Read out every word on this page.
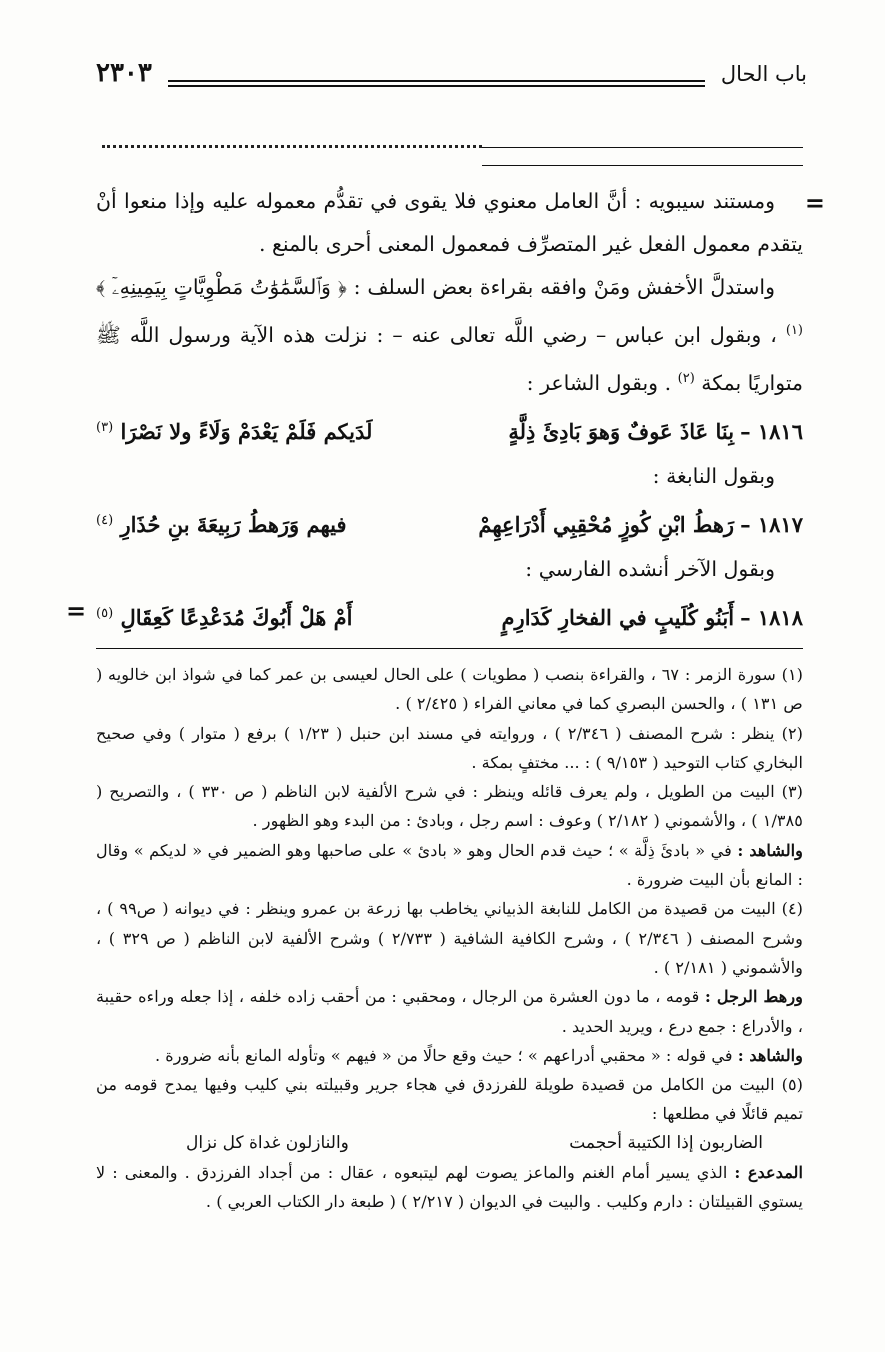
باب الحال
٢٣٠٣
=
=

ومستند سيبويه : أنَّ العامل معنوي فلا يقوى في تقدُّم معموله عليه وإذا منعوا أنْ يتقدم معمول الفعل غير المتصرِّف فمعمول المعنى أحرى بالمنع .

واستدلَّ الأخفش ومَنْ وافقه بقراءة بعض السلف : ﴿ وَٱلسَّمَٰوَٰتُ مَطْوِيَّاتٍ بِيَمِينِهِۦٓ ﴾ $^{(١)}$ ، وبقول ابن عباس – رضي اللَّه تعالى عنه – : نزلت هذه الآية ورسول اللَّه ﷺ متواريًا بمكة $^{(٢)}$ . وبقول الشاعر :

١٨١٦ –بِنَا عَاذَ عَوفٌ وَهوَ بَادِئَ ذِلَّةٍ
لَدَيكم فَلَمْ يَعْدَمْ وَلَاءً ولا نَصْرَا $^{(٣)}$

وبقول النابغة :

١٨١٧ –رَهطُ ابْنِ كُوزٍ مُحْقِبِي أَدْرَاعِهِمْ
فيهم وَرَهطُ رَبِيعَةَ بنِ حُذَارِ $^{(٤)}$

وبقول الآخر أنشده الفارسي :

١٨١٨ –أَبَنُو كُلَيبٍ في الفخارِ كَدَارِمٍ
أَمْ هَلْ أَبُوكَ مُدَعْدِعًا كَعِقَالِ $^{(٥)}$

(١) سورة الزمر : ٦٧ ، والقراءة بنصب ( مطويات ) على الحال لعيسى بن عمر كما في شواذ ابن خالويه ( ص ١٣١ ) ، والحسن البصري كما في معاني الفراء ( ٢/٤٢٥ ) .

(٢) ينظر : شرح المصنف ( ٢/٣٤٦ ) ، وروايته في مسند ابن حنبل ( ١/٢٣ ) برفع ( متوار ) وفي صحيح البخاري كتاب التوحيد ( ٩/١٥٣ ) : ... مختفٍ بمكة .

(٣) البيت من الطويل ، ولم يعرف قائله وينظر : في شرح الألفية لابن الناظم ( ص ٣٣٠ ) ، والتصريح ( ١/٣٨٥ ) ، والأشموني ( ٢/١٨٢ ) وعوف : اسم رجل ، وبادئ : من البدء وهو الظهور .

والشاهد : في « بادئَ ذِلَّة » ؛ حيث قدم الحال وهو « بادئ » على صاحبها وهو الضمير في « لديكم » وقال : المانع بأن البيت ضرورة .

(٤) البيت من قصيدة من الكامل للنابغة الذبياني يخاطب بها زرعة بن عمرو وينظر : في ديوانه ( ص٩٩ ) ، وشرح المصنف ( ٢/٣٤٦ ) ، وشرح الكافية الشافية ( ٢/٧٣٣ ) وشرح الألفية لابن الناظم ( ص ٣٢٩ ) ، والأشموني ( ٢/١٨١ ) .

ورهط الرجل : قومه ، ما دون العشرة من الرجال ، ومحقبي : من أحقب زاده خلفه ، إذا جعله وراءه حقيبة ، والأدراع : جمع درع ، ويريد الحديد .

والشاهد : في قوله : « محقبي أدراعهم » ؛ حيث وقع حالًا من « فيهم » وتأوله المانع بأنه ضرورة .

(٥) البيت من الكامل من قصيدة طويلة للفرزدق في هجاء جرير وقبيلته بني كليب وفيها يمدح قومه من تميم قائلًا في مطلعها :

الضاربون إذا الكتيبة أحجمت
والنازلون غداة كل نزال

المدعدع : الذي يسير أمام الغنم والماعز يصوت لهم ليتبعوه ، عقال : من أجداد الفرزدق . والمعنى : لا يستوي القبيلتان : دارم وكليب . والبيت في الديوان ( ٢/٢١٧ ) ( طبعة دار الكتاب العربي ) .
